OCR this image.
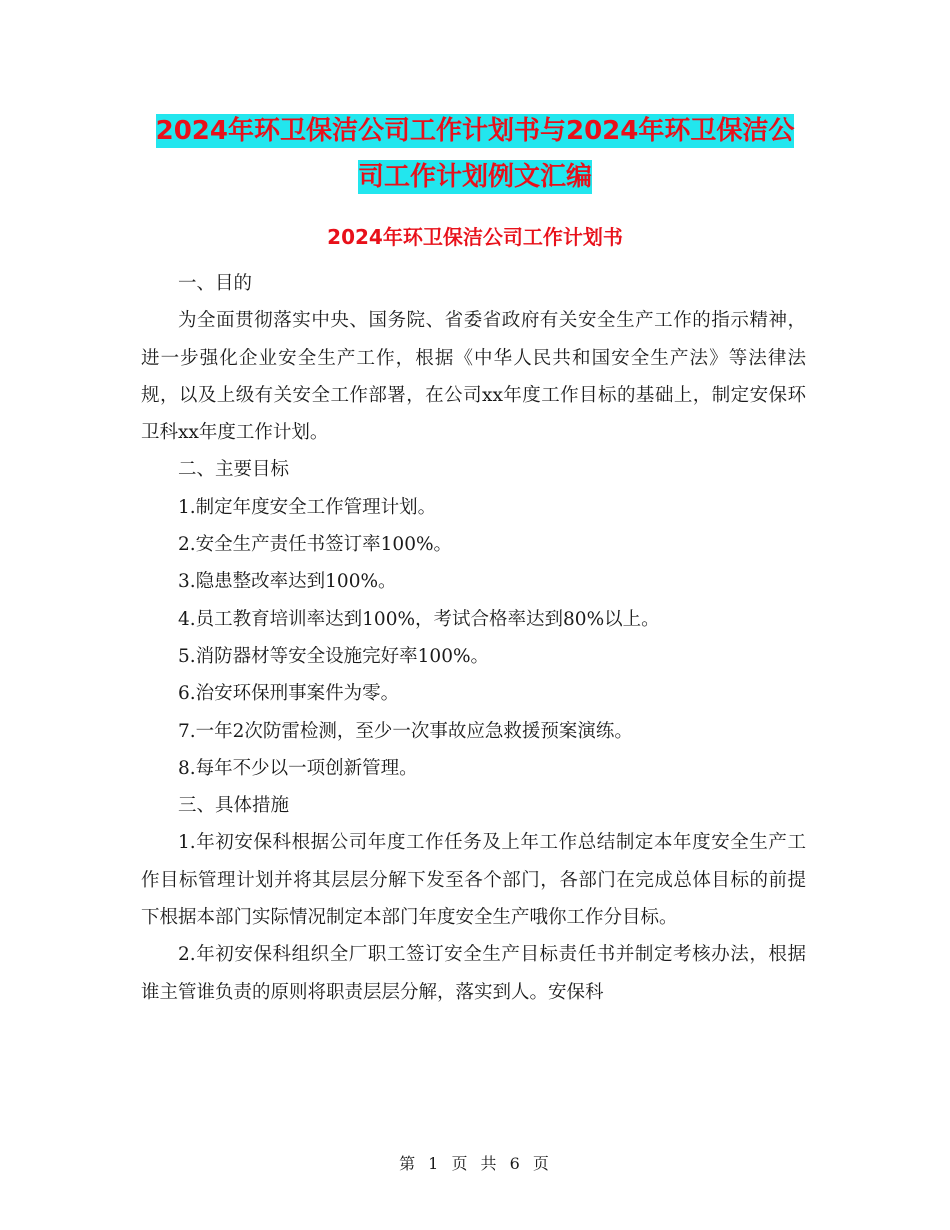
2024年环卫保洁公司工作计划书与2024年环卫保洁公
司工作计划例文汇编
2024年环卫保洁公司工作计划书

一、目的

为全面贯彻落实中央、国务院、省委省政府有关安全生产工作的指示精神，进一步强化企业安全生产工作，根据《中华人民共和国安全生产法》等法律法规，以及上级有关安全工作部署，在公司xx年度工作目标的基础上，制定安保环卫科xx年度工作计划。

二、主要目标

1.制定年度安全工作管理计划。

2.安全生产责任书签订率100%。

3.隐患整改率达到100%。

4.员工教育培训率达到100%，考试合格率达到80%以上。

5.消防器材等安全设施完好率100%。

6.治安环保刑事案件为零。

7.一年2次防雷检测，至少一次事故应急救援预案演练。

8.每年不少以一项创新管理。

三、具体措施

1.年初安保科根据公司年度工作任务及上年工作总结制定本年度安全生产工作目标管理计划并将其层层分解下发至各个部门，各部门在完成总体目标的前提下根据本部门实际情况制定本部门年度安全生产哦你工作分目标。

2.年初安保科组织全厂职工签订安全生产目标责任书并制定考核办法，根据谁主管谁负责的原则将职责层层分解，落实到人。安保科

第 1 页 共 6 页
